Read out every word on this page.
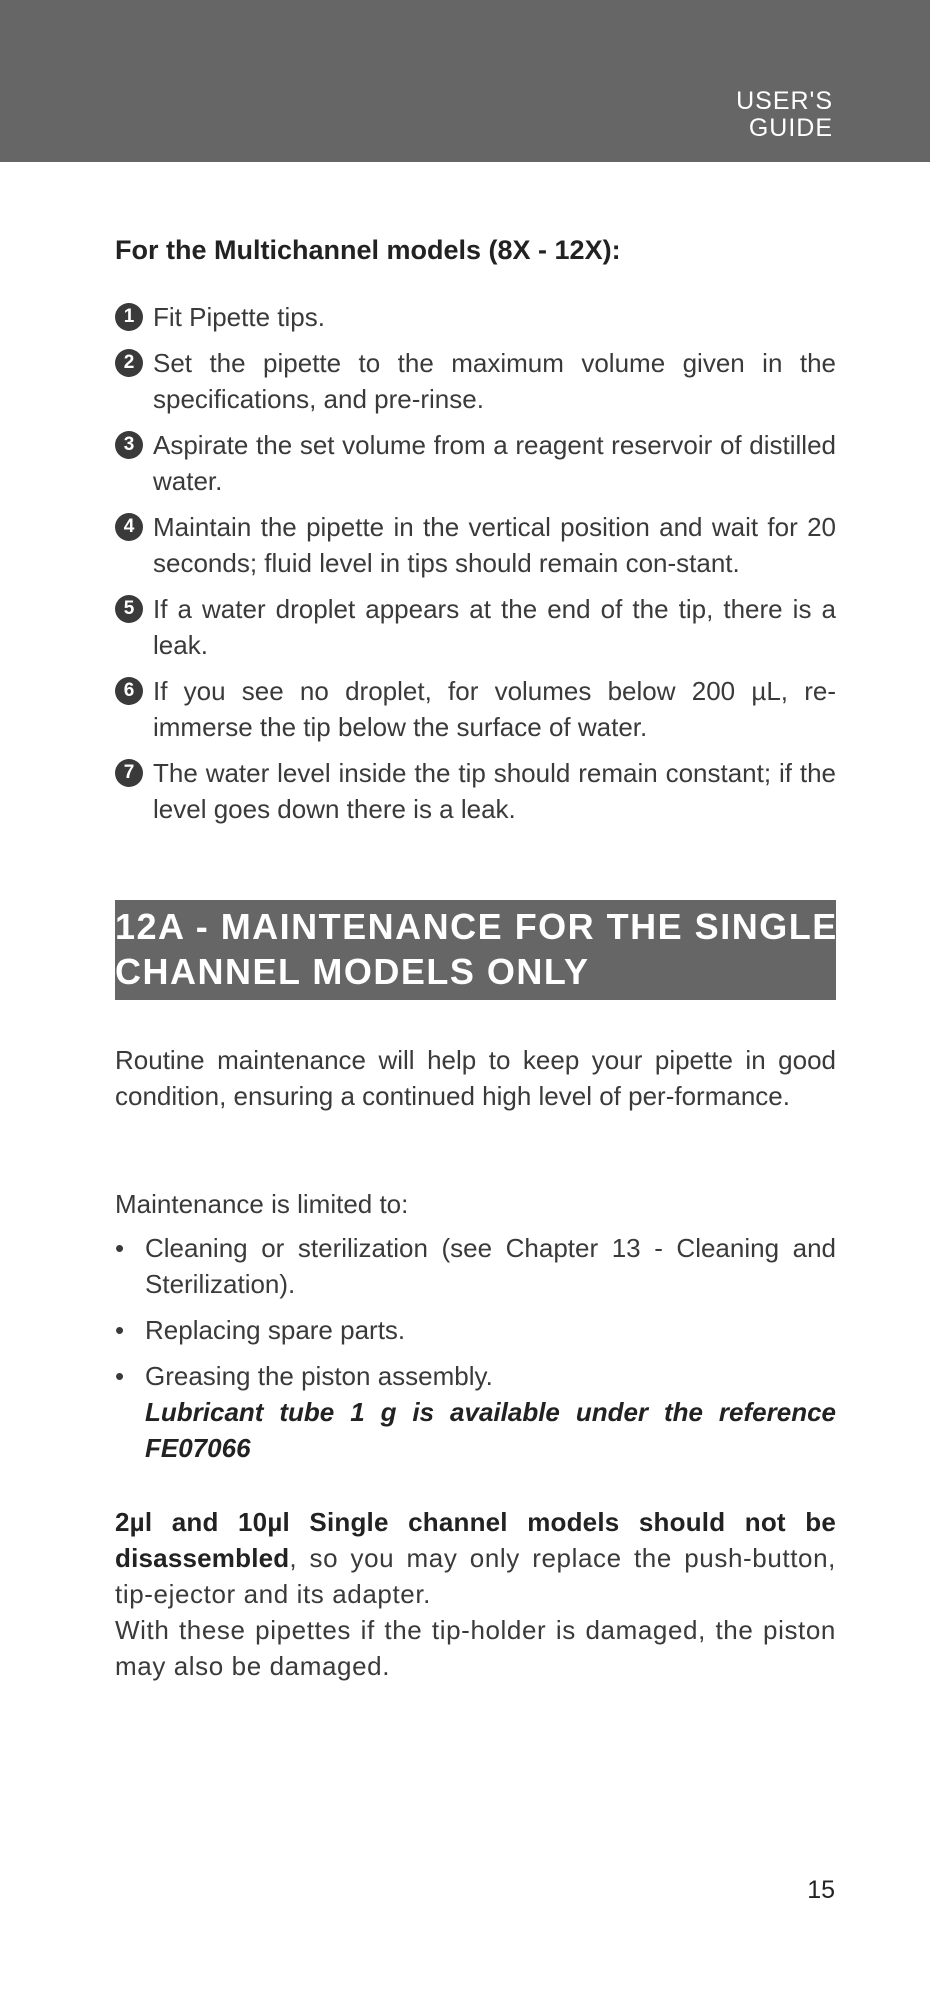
USER'S
GUIDE
For the Multichannel models (8X - 12X):
1 Fit Pipette tips.
2 Set the pipette to the maximum volume given in the specifications, and pre-rinse.
3 Aspirate the set volume from a reagent reservoir of distilled water.
4 Maintain the pipette in the vertical position and wait for 20 seconds; fluid level in tips should remain con-stant.
5 If a water droplet appears at the end of the tip, there is a leak.
6 If you see no droplet, for volumes below 200 µL, re-immerse the tip below the surface of water.
7 The water level inside the tip should remain constant; if the level goes down there is a leak.
12A - MAINTENANCE FOR THE SINGLE
CHANNEL MODELS ONLY

Routine maintenance will help to keep your pipette in good condition, ensuring a continued high level of per-formance.

Maintenance is limited to:

• Cleaning or sterilization (see Chapter 13 - Cleaning and Sterilization).
• Replacing spare parts.
• Greasing the piston assembly.
Lubricant tube 1 g is available under the reference FE07066
2µl and 10µl Single channel models should not be disassembled, so you may only replace the push-button, tip-ejector and its adapter.
With these pipettes if the tip-holder is damaged, the piston may also be damaged.
15
